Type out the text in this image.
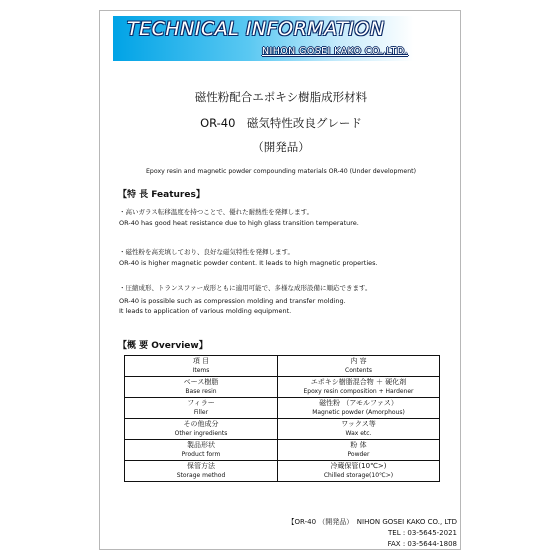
TECHNICAL INFORMATION
NIHON GOSEI KAKO CO.,LTD.
磁性粉配合エポキシ樹脂成形材料
OR-40　磁気特性改良グレード
（開発品）
Epoxy resin and magnetic powder compounding materials OR-40 (Under development)
【特 長 Features】
・高いガラス転移温度を持つことで、優れた耐熱性を発揮します。
OR-40 has good heat resistance due to high glass transition temperature.
・磁性粉を高充填しており、良好な磁気特性を発揮します。
OR-40 is higher magnetic powder content. It leads to high magnetic properties.
・圧縮成形、トランスファー成形ともに適用可能で、多様な成形設備に順応できます。
OR-40 is possible such as compression molding and transfer molding.
It leads to application of various molding equipment.
【概 要 Overview】
項 目
Items	内 容
Contents

ベース樹脂
Base resin	エポキシ樹脂混合物 ＋ 硬化剤
Epoxy resin composition + Hardener

フィラー
Filler	磁性粉 （アモルファス）
Magnetic powder (Amorphous)

その他成分
Other ingredients	ワックス等
Wax etc.

製品形状
Product form	粉 体
Powder

保管方法
Storage method	冷蔵保管(10℃>)
Chilled storage(10℃>)
【OR-40 （開発品）　NIHON GOSEI KAKO CO., LTD
TEL : 03-5645-2021
FAX : 03-5644-1808
